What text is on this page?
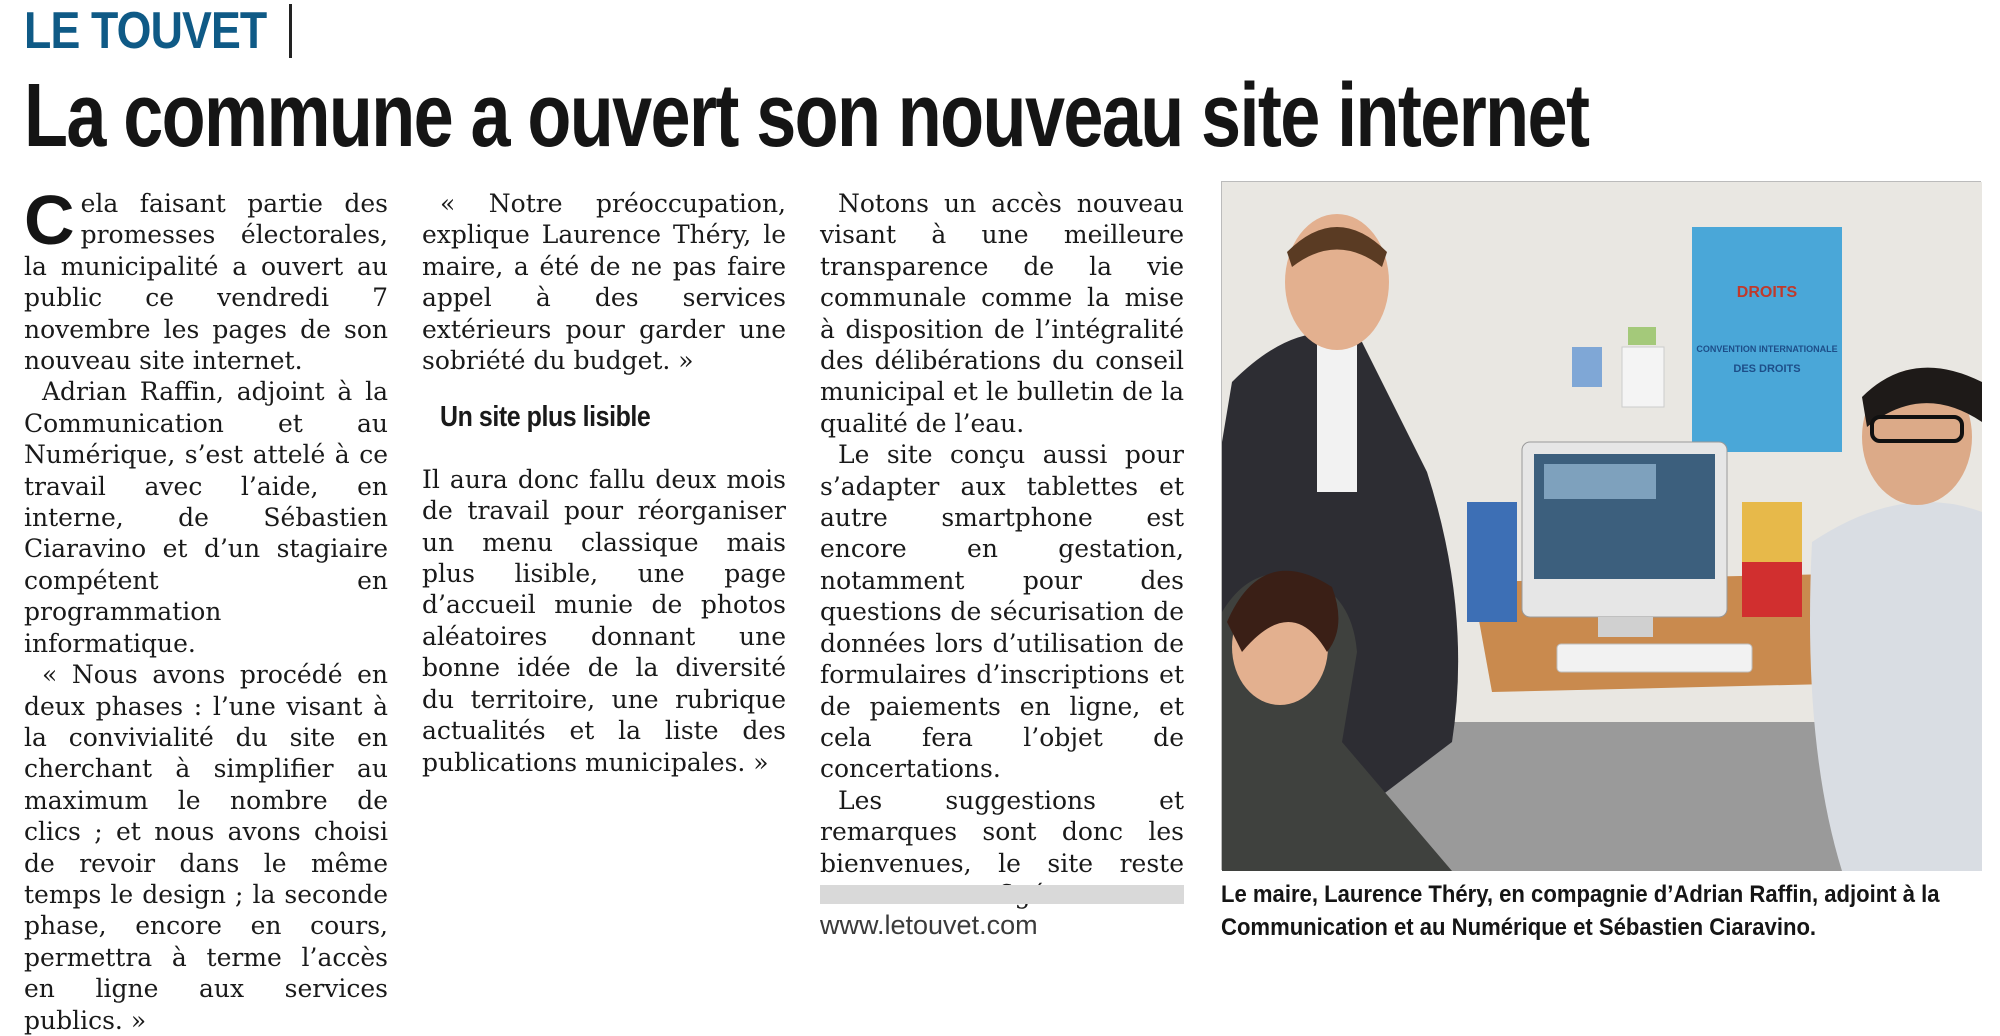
LE TOUVET
La commune a ouvert son nouveau site internet

Cela faisant partie des promesses électorales, la municipalité a ouvert au public ce vendredi 7 novembre les pages de son nouveau site internet.

Adrian Raffin, adjoint à la Communication et au Numérique, s’est attelé à ce travail avec l’aide, en interne, de Sébastien Ciaravino et d’un stagiaire compétent en programmation informatique.

« Nous avons procédé en deux phases : l’une visant à la convivialité du site en cherchant à simplifier au maximum le nombre de clics ; et nous avons choisi de revoir dans le même temps le design ; la seconde phase, encore en cours, permettra à terme l’accès en ligne aux services publics. »

« Notre préoccupation, explique Laurence Théry, le maire, a été de ne pas faire appel à des services extérieurs pour garder une sobriété du budget. »

Un site plus lisible

Il aura donc fallu deux mois de travail pour réorganiser un menu classique mais plus lisible, une page d’accueil munie de photos aléatoires donnant une bonne idée de la diversité du territoire, une rubrique actualités et la liste des publications municipales. »

Notons un accès nouveau visant à une meilleure transparence de la vie communale comme la mise à disposition de l’intégralité des délibérations du conseil municipal et le bulletin de la qualité de l’eau.

Le site conçu aussi pour s’adapter aux tablettes et autre smartphone est encore en gestation, notamment pour des questions de sécurisation de données lors d’utilisation de formulaires d’inscriptions et de paiements en ligne, et cela fera l’objet de concertations.

Les suggestions et remarques sont donc les bienvenues, le site reste

www.letouvet.com
DROITS
CONVENTION INTERNATIONALE
DES DROITS
Le maire, Laurence Théry, en compagnie d’Adrian Raffin, adjoint à la
Communication et au Numérique et Sébastien Ciaravino.
